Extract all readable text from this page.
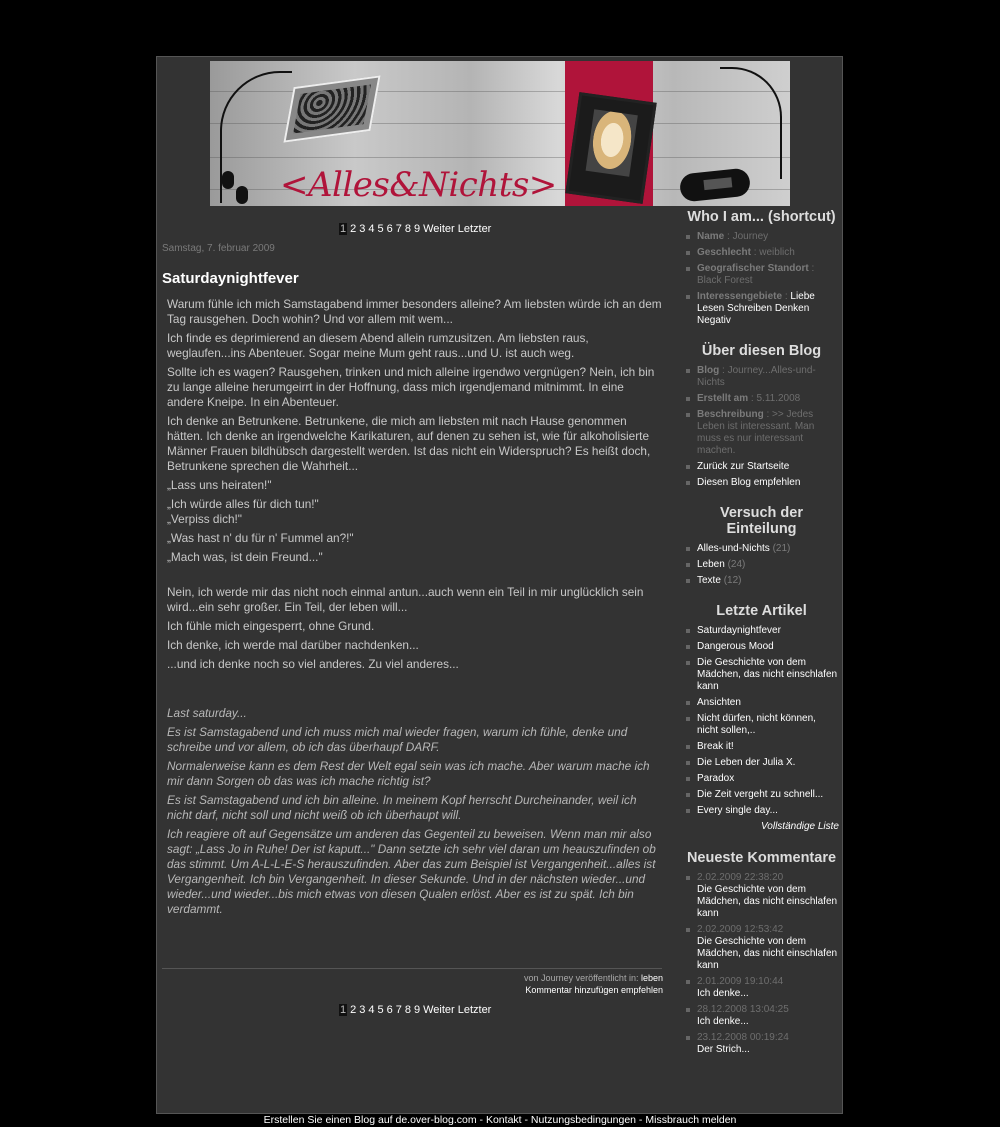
<Alles&Nichts>
1 2 3 4 5 6 7 8 9 Weiter Letzter
Samstag, 7. februar 2009
Saturdaynightfever

Warum fühle ich mich Samstagabend immer besonders alleine? Am liebsten würde ich an dem Tag rausgehen. Doch wohin? Und vor allem mit wem...

Ich finde es deprimierend an diesem Abend allein rumzusitzen. Am liebsten raus, weglaufen...ins Abenteuer. Sogar meine Mum geht raus...und U. ist auch weg.

Sollte ich es wagen? Rausgehen, trinken und mich alleine irgendwo vergnügen? Nein, ich bin zu lange alleine herumgeirrt in der Hoffnung, dass mich irgendjemand mitnimmt. In eine andere Kneipe. In ein Abenteuer.

Ich denke an Betrunkene. Betrunkene, die mich am liebsten mit nach Hause genommen hätten. Ich denke an irgendwelche Karikaturen, auf denen zu sehen ist, wie für alkoholisierte Männer Frauen bildhübsch dargestellt werden. Ist das nicht ein Widerspruch? Es heißt doch, Betrunkene sprechen die Wahrheit...

„Lass uns heiraten!"

„Ich würde alles für dich tun!"

„Verpiss dich!"

„Was hast n' du für n' Fummel an?!"

„Mach was, ist dein Freund..."

Nein, ich werde mir das nicht noch einmal antun...auch wenn ein Teil in mir unglücklich sein wird...ein sehr großer. Ein Teil, der leben will...

Ich fühle mich eingesperrt, ohne Grund.

Ich denke, ich werde mal darüber nachdenken...

...und ich denke noch so viel anderes. Zu viel anderes...

Last saturday...

Es ist Samstagabend und ich muss mich mal wieder fragen, warum ich fühle, denke und schreibe und vor allem, ob ich das überhaupf DARF.

Normalerweise kann es dem Rest der Welt egal sein was ich mache. Aber warum mache ich mir dann Sorgen ob das was ich mache richtig ist?

Es ist Samstagabend und ich bin alleine. In meinem Kopf herrscht Durcheinander, weil ich nicht darf, nicht soll und nicht weiß ob ich überhaupt will.

Ich reagiere oft auf Gegensätze um anderen das Gegenteil zu beweisen. Wenn man mir also sagt: „Lass Jo in Ruhe! Der ist kaputt..." Dann setzte ich sehr viel daran um heauszufinden ob das stimmt. Um A-L-L-E-S herauszufinden. Aber das zum Beispiel ist Vergangenheit...alles ist Vergangenheit. Ich bin Vergangenheit. In dieser Sekunde. Und in der nächsten wieder...und wieder...und wieder...bis mich etwas von diesen Qualen erlöst. Aber es ist zu spät. Ich bin verdammt.

von Journey veröffentlicht in: leben
Kommentar hinzufügen empfehlen
1 2 3 4 5 6 7 8 9 Weiter Letzter
Who I am... (shortcut)
Name : Journey
Geschlecht : weiblich
Geografischer Standort : Black Forest
Interessengebiete : Liebe Lesen Schreiben Denken Negativ
Über diesen Blog
Blog : Journey...Alles-und-Nichts
Erstellt am : 5.11.2008
Beschreibung : >> Jedes Leben ist interessant. Man muss es nur interessant machen.
Zurück zur Startseite
Diesen Blog empfehlen
Versuch der Einteilung
Alles-und-Nichts (21)
Leben (24)
Texte (12)
Letzte Artikel
Saturdaynightfever
Dangerous Mood
Die Geschichte von dem Mädchen, das nicht einschlafen kann
Ansichten
Nicht dürfen, nicht können, nicht sollen,..
Break it!
Die Leben der Julia X.
Paradox
Die Zeit vergeht zu schnell...
Every single day...
Vollständige Liste
Neueste Kommentare
2.02.2009 22:38:20
Die Geschichte von dem Mädchen, das nicht einschlafen kann
2.02.2009 12:53:42
Die Geschichte von dem Mädchen, das nicht einschlafen kann
2.01.2009 19:10:44
Ich denke...
28.12.2008 13:04:25
Ich denke...
23.12.2008 00:19:24
Der Strich...
Erstellen Sie einen Blog auf de.over-blog.com - Kontakt - Nutzungsbedingungen - Missbrauch melden
